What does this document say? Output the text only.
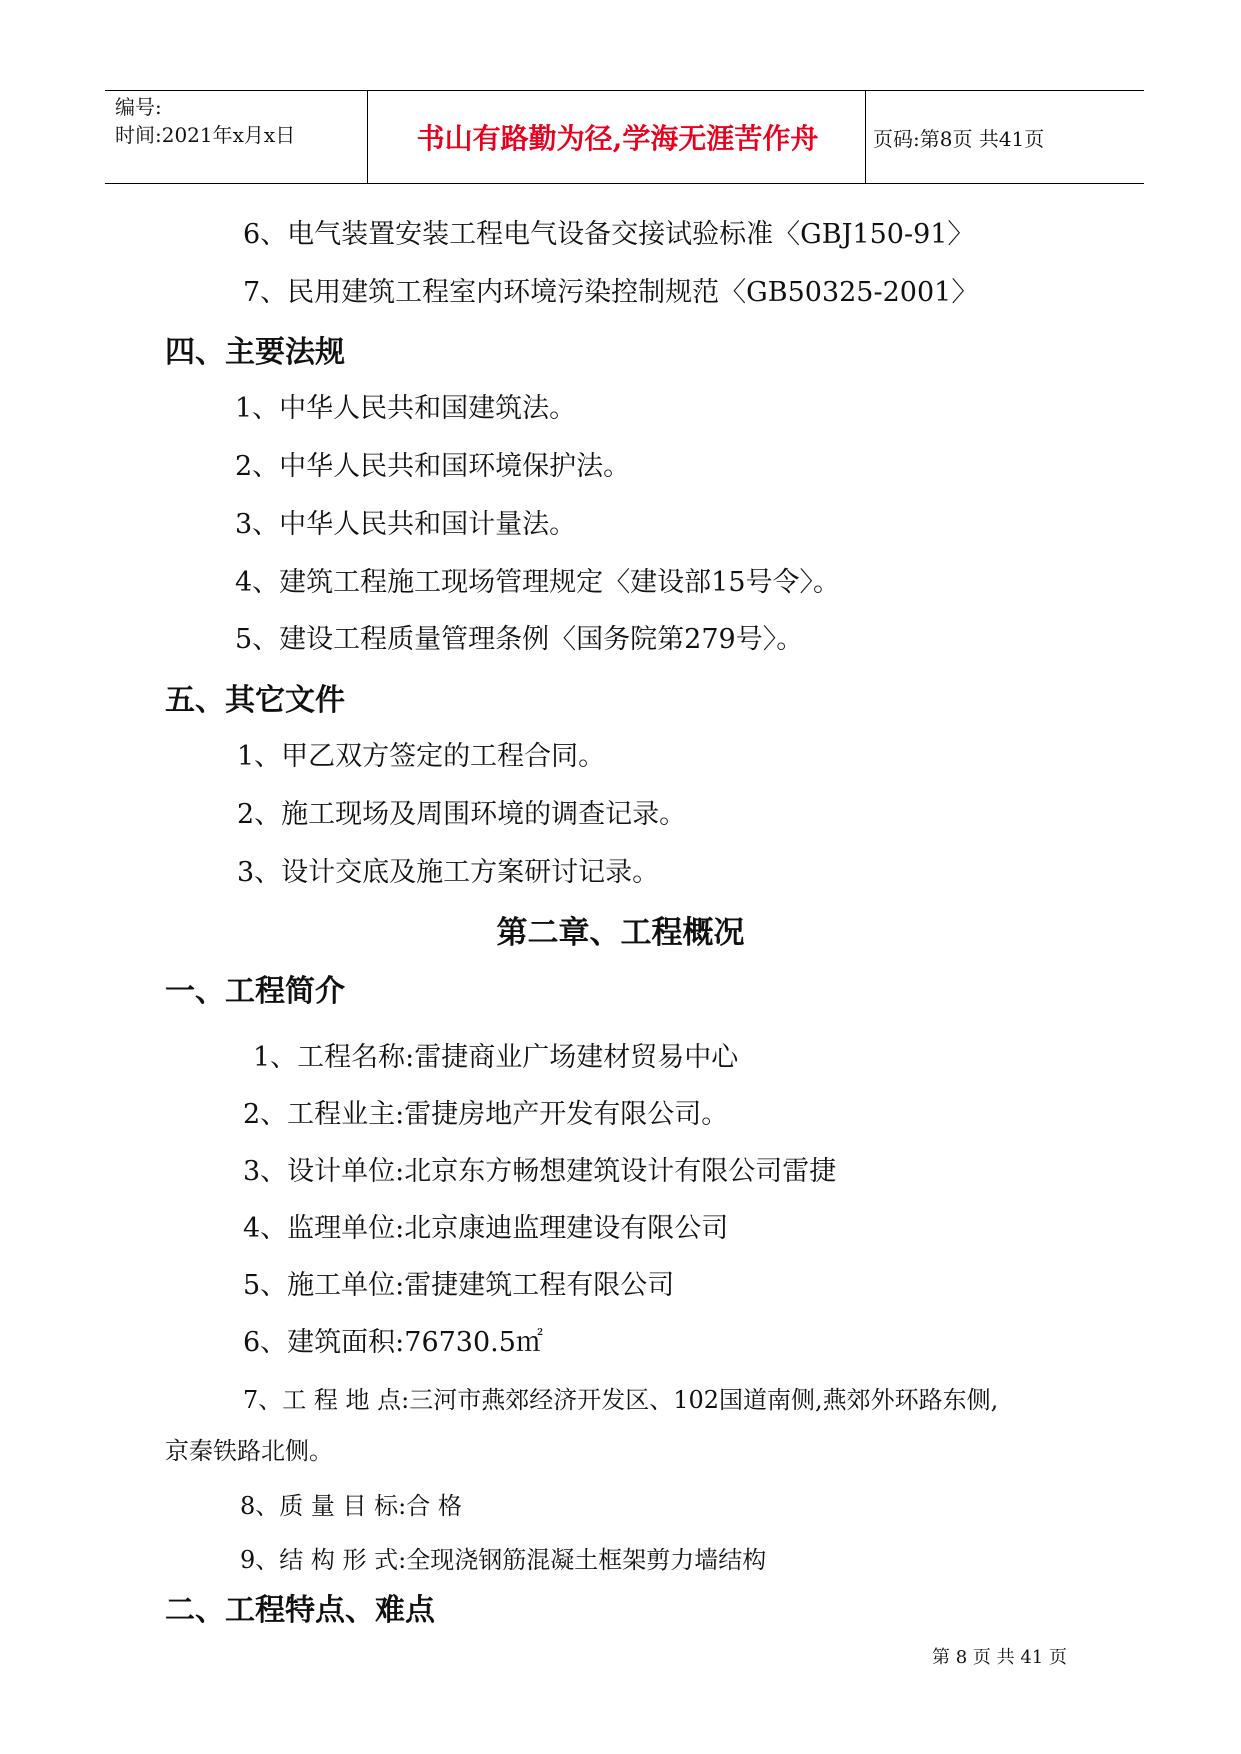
编号:
时间:2021年x月x日	书山有路勤为径,学海无涯苦作舟	页码:第8页 共41页
6、电气装置安装工程电气设备交接试验标准〈GBJ150-91〉
7、民用建筑工程室内环境污染控制规范〈GB50325-2001〉
四、主要法规
1、中华人民共和国建筑法。
2、中华人民共和国环境保护法。
3、中华人民共和国计量法。
4、建筑工程施工现场管理规定〈建设部15号令〉。
5、建设工程质量管理条例〈国务院第279号〉。
五、其它文件
1、甲乙双方签定的工程合同。
2、施工现场及周围环境的调查记录。
3、设计交底及施工方案研讨记录。
第二章、工程概况
一、工程简介
1、工程名称:雷捷商业广场建材贸易中心
2、工程业主:雷捷房地产开发有限公司。
3、设计单位:北京东方畅想建筑设计有限公司雷捷
4、监理单位:北京康迪监理建设有限公司
5、施工单位:雷捷建筑工程有限公司
6、建筑面积:76730.5㎡
7、工 程 地 点:三河市燕郊经济开发区、102国道南侧,燕郊外环路东侧,
京秦铁路北侧。
8、质 量 目 标:合 格
9、结 构 形 式:全现浇钢筋混凝土框架剪力墙结构
二、工程特点、难点
第 8 页 共 41 页
